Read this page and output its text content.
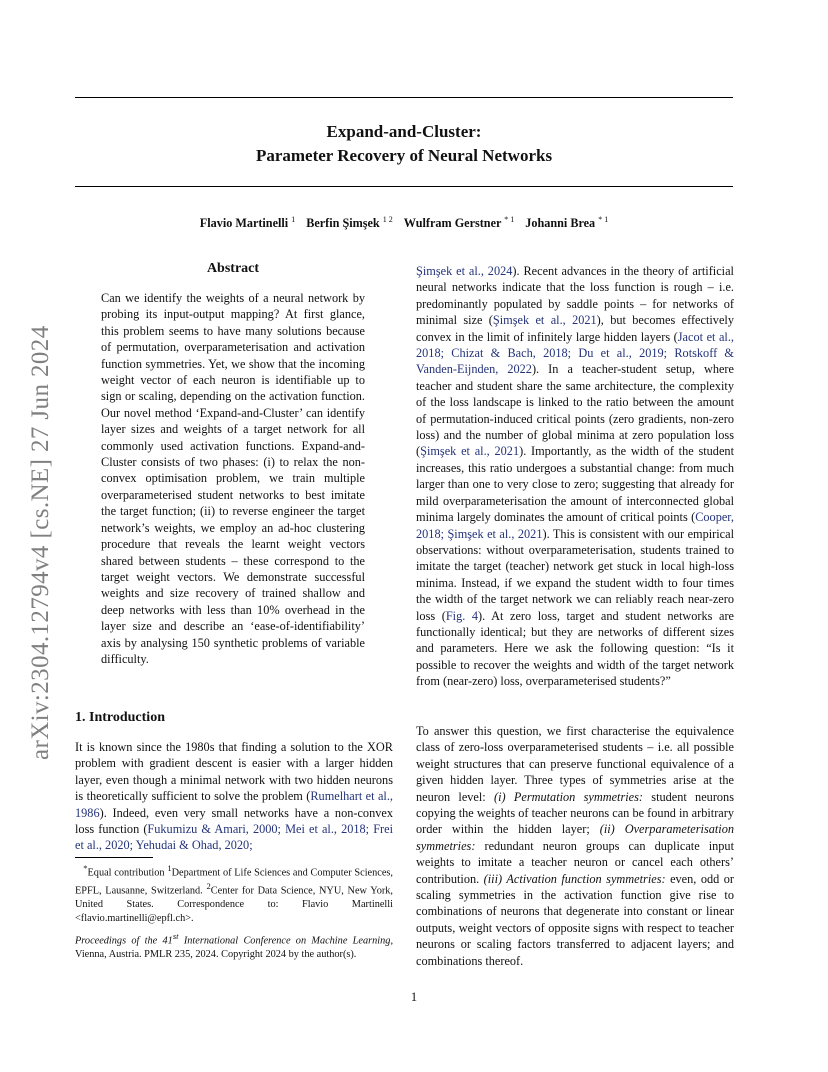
Expand-and-Cluster:
Parameter Recovery of Neural Networks
Flavio Martinelli $^1$ Berfin Şimşek $^{1 2}$ Wulfram Gerstner $^{* 1}$ Johanni Brea $^{* 1}$
arXiv:2304.12794v4 [cs.NE] 27 Jun 2024
Abstract

Can we identify the weights of a neural network by probing its input-output mapping? At first glance, this problem seems to have many solutions because of permutation, overparameterisation and activation function symmetries. Yet, we show that the incoming weight vector of each neuron is identifiable up to sign or scaling, depending on the activation function. Our novel method ‘Expand-and-Cluster’ can identify layer sizes and weights of a target network for all commonly used activation functions. Expand-and-Cluster consists of two phases: (i) to relax the non-convex optimisation problem, we train multiple overparameterised student networks to best imitate the target function; (ii) to reverse engineer the target network’s weights, we employ an ad-hoc clustering procedure that reveals the learnt weight vectors shared between students – these correspond to the target weight vectors. We demonstrate successful weights and size recovery of trained shallow and deep networks with less than 10% overhead in the layer size and describe an ‘ease-of-identifiability’ axis by analysing 150 synthetic problems of variable difficulty.

1. Introduction

It is known since the 1980s that finding a solution to the XOR problem with gradient descent is easier with a larger hidden layer, even though a minimal network with two hidden neurons is theoretically sufficient to solve the problem (Rumelhart et al., 1986). Indeed, even very small networks have a non-convex loss function (Fukumizu & Amari, 2000; Mei et al., 2018; Frei et al., 2020; Yehudai & Ohad, 2020;

*Equal contribution $^1$Department of Life Sciences and Computer Sciences, EPFL, Lausanne, Switzerland. $^2$Center for Data Science, NYU, New York, United States. Correspondence to: Flavio Martinelli <flavio.martinelli@epfl.ch>.

Proceedings of the 41st International Conference on Machine Learning, Vienna, Austria. PMLR 235, 2024. Copyright 2024 by the author(s).

Şimşek et al., 2024). Recent advances in the theory of artificial neural networks indicate that the loss function is rough – i.e. predominantly populated by saddle points – for networks of minimal size (Şimşek et al., 2021), but becomes effectively convex in the limit of infinitely large hidden layers (Jacot et al., 2018; Chizat & Bach, 2018; Du et al., 2019; Rotskoff & Vanden-Eijnden, 2022). In a teacher-student setup, where teacher and student share the same architecture, the complexity of the loss landscape is linked to the ratio between the amount of permutation-induced critical points (zero gradients, non-zero loss) and the number of global minima at zero population loss (Şimşek et al., 2021). Importantly, as the width of the student increases, this ratio undergoes a substantial change: from much larger than one to very close to zero; suggesting that already for mild overparameterisation the amount of interconnected global minima largely dominates the amount of critical points (Cooper, 2018; Şimşek et al., 2021). This is consistent with our empirical observations: without overparameterisation, students trained to imitate the target (teacher) network get stuck in local high-loss minima. Instead, if we expand the student width to four times the width of the target network we can reliably reach near-zero loss (Fig. 4). At zero loss, target and student networks are functionally identical; but they are networks of different sizes and parameters. Here we ask the following question: “Is it possible to recover the weights and width of the target network from (near-zero) loss, overparameterised students?”

To answer this question, we first characterise the equivalence class of zero-loss overparameterised students – i.e. all possible weight structures that can preserve functional equivalence of a given hidden layer. Three types of symmetries arise at the neuron level: (i) Permutation symmetries: student neurons copying the weights of teacher neurons can be found in arbitrary order within the hidden layer; (ii) Overparameterisation symmetries: redundant neuron groups can duplicate input weights to imitate a teacher neuron or cancel each others’ contribution. (iii) Activation function symmetries: even, odd or scaling symmetries in the activation function give rise to combinations of neurons that degenerate into constant or linear outputs, weight vectors of opposite signs with respect to teacher neurons or scaling factors transferred to adjacent layers; and combinations thereof.

1
